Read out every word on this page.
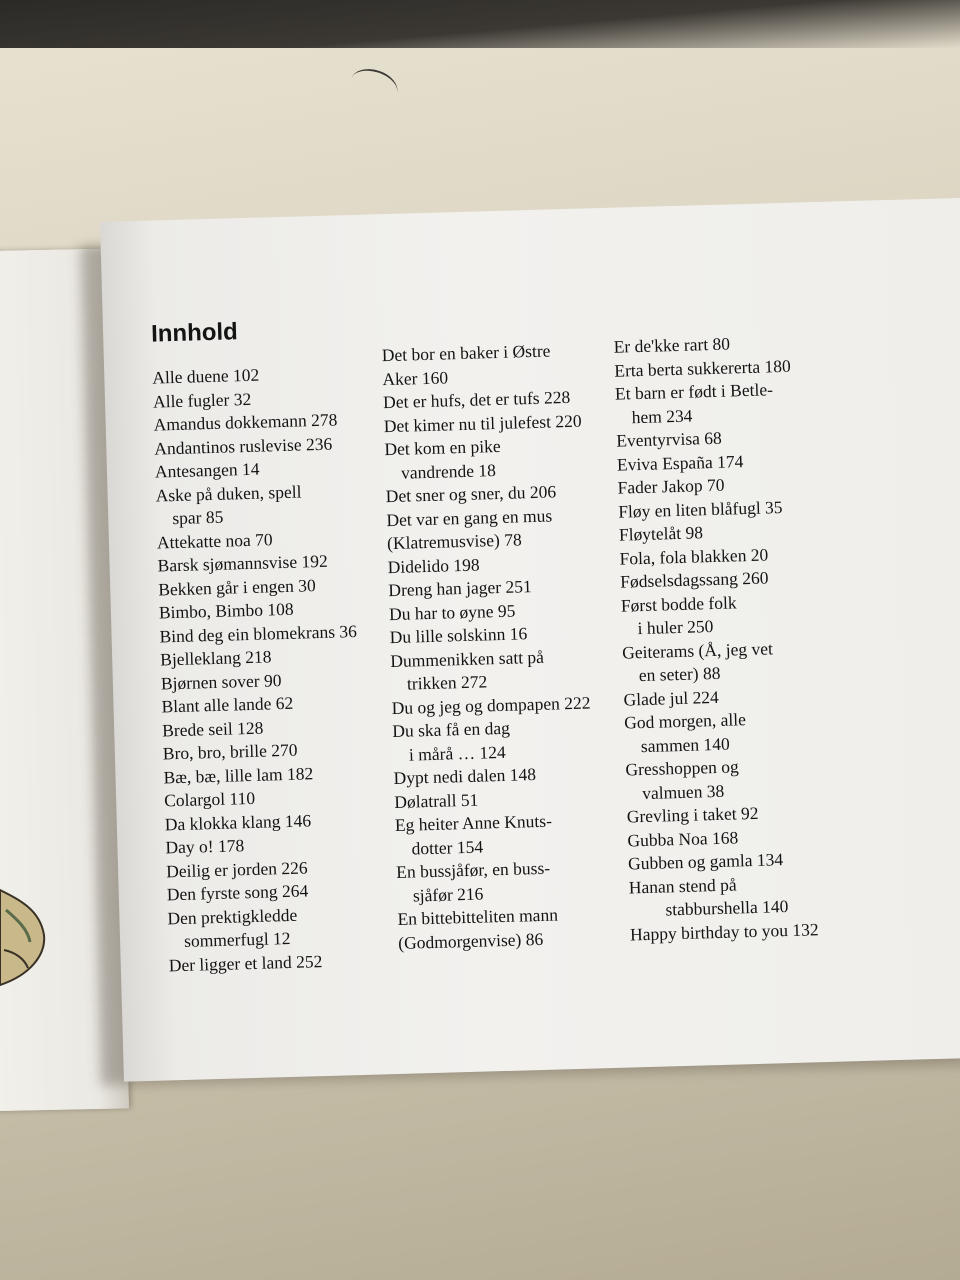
Innhold
Alle duene 102
Alle fugler 32
Amandus dokkemann 278
Andantinos ruslevise 236
Antesangen 14
Aske på duken, spell
spar 85
Attekatte noa 70
Barsk sjømannsvise 192
Bekken går i engen 30
Bimbo, Bimbo 108
Bind deg ein blomekrans 36
Bjelleklang 218
Bjørnen sover 90
Blant alle lande 62
Brede seil 128
Bro, bro, brille 270
Bæ, bæ, lille lam 182
Colargol 110
Da klokka klang 146
Day o! 178
Deilig er jorden 226
Den fyrste song 264
Den prektigkledde
sommerfugl 12
Der ligger et land 252
Det bor en baker i Østre
Aker 160
Det er hufs, det er tufs 228
Det kimer nu til julefest 220
Det kom en pike
vandrende 18
Det sner og sner, du 206
Det var en gang en mus
(Klatremusvise) 78
Didelido 198
Dreng han jager 251
Du har to øyne 95
Du lille solskinn 16
Dummenikken satt på
trikken 272
Du og jeg og dompapen 222
Du ska få en dag
i mårå … 124
Dypt nedi dalen 148
Dølatrall 51
Eg heiter Anne Knuts-
dotter 154
En bussjåfør, en buss-
sjåfør 216
En bittebitteliten mann
(Godmorgenvise) 86
Er de'kke rart 80
Erta berta sukkererta 180
Et barn er født i Betle-
hem 234
Eventyrvisa 68
Eviva España 174
Fader Jakop 70
Fløy en liten blåfugl 35
Fløytelåt 98
Fola, fola blakken 20
Fødselsdagssang 260
Først bodde folk
i huler 250
Geiterams (Å, jeg vet
en seter) 88
Glade jul 224
God morgen, alle
sammen 140
Gresshoppen og
valmuen 38
Grevling i taket 92
Gubba Noa 168
Gubben og gamla 134
Hanan stend på
stabburshella 140
Happy birthday to you 132
